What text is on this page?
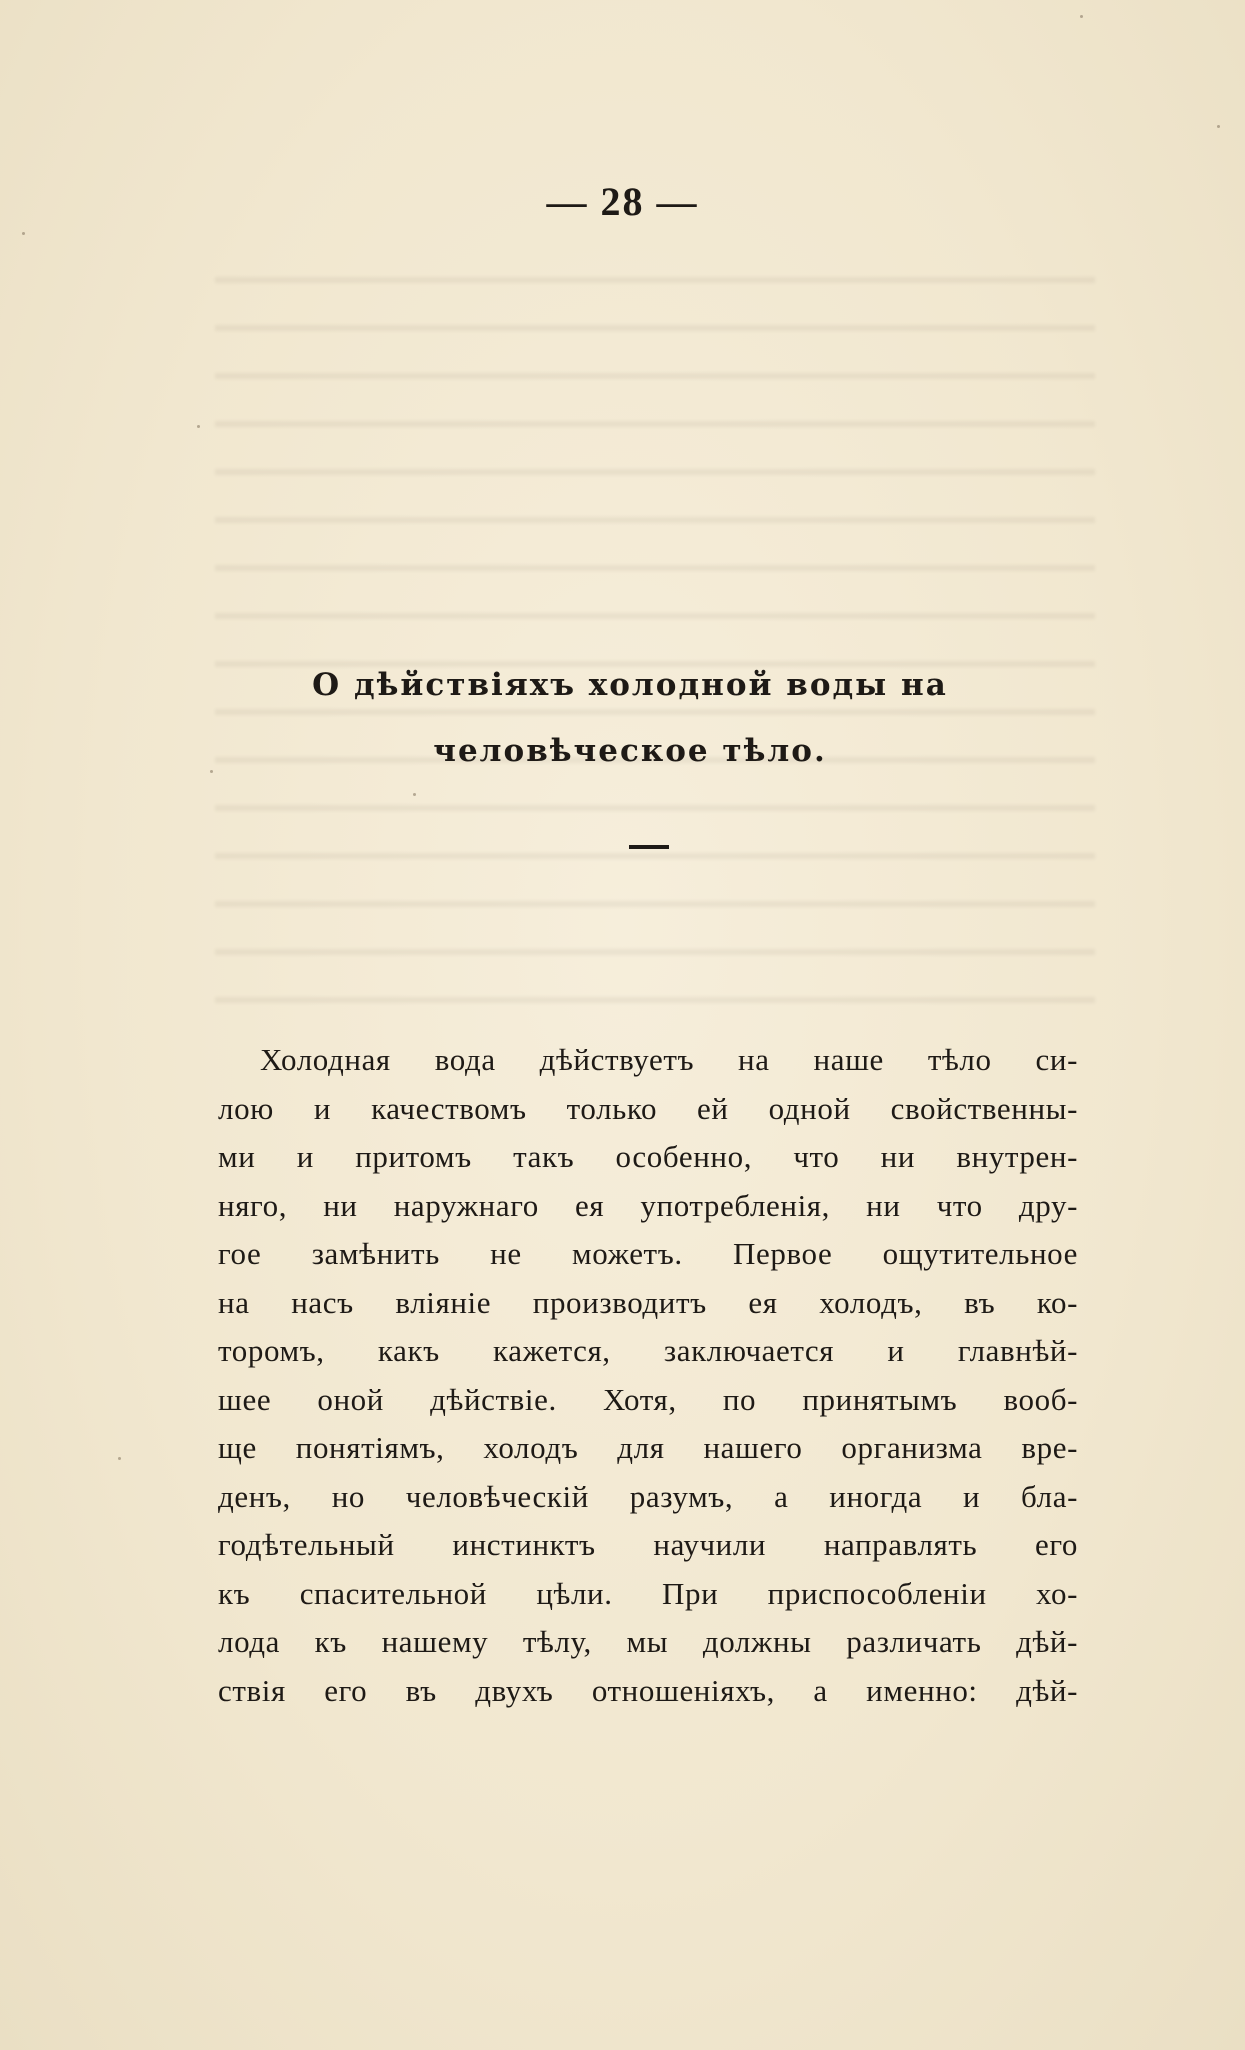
— 28 —
О дѣйствіяхъ холодной воды на
человѣческое тѣло.
Холодная вода дѣйствуетъ на наше тѣло си-
лою и качествомъ только ей одной свойственны-
ми и притомъ такъ особенно, что ни внутрен-
няго, ни наружнаго ея употребленія, ни что дру-
гое замѣнить не можетъ. Первое ощутительное
на насъ вліяніе производитъ ея холодъ, въ ко-
торомъ, какъ кажется, заключается и главнѣй-
шее оной дѣйствіе. Хотя, по принятымъ вооб-
ще понятіямъ, холодъ для нашего организма вре-
денъ, но человѣческій разумъ, а иногда и бла-
годѣтельный инстинктъ научили направлять его
къ спасительной цѣли. При приспособленіи хо-
лода къ нашему тѣлу, мы должны различать дѣй-
ствія его въ двухъ отношеніяхъ, а именно: дѣй-
